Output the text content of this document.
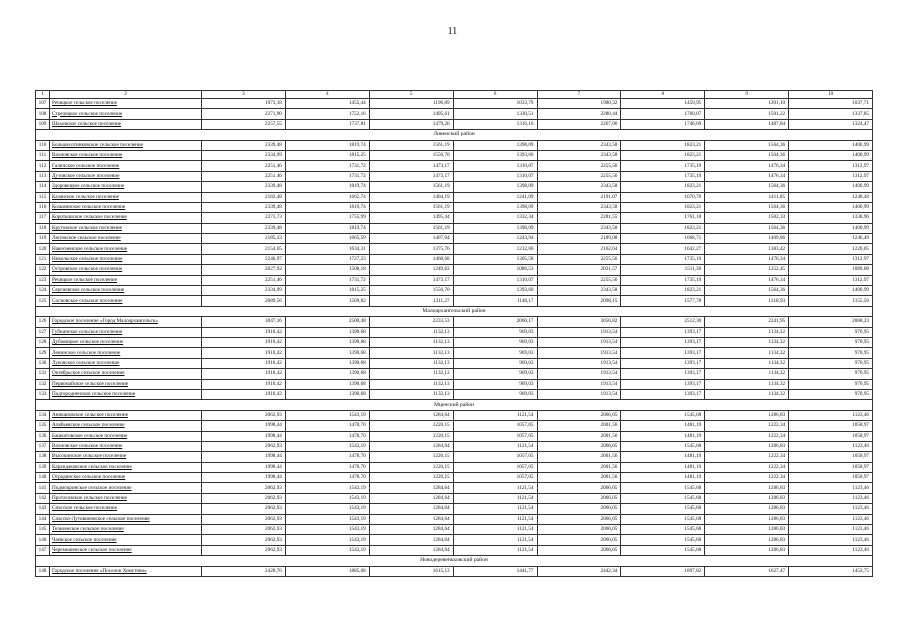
11
1	2	3	4	5	6	7	8	9	10
107	Речицкое сельское поселение	1973,18	1455,44	1196,89	1033,79	1980,32	1459,95	1201,10	1037,71
108	Стрелецкое сельское поселение	2271,90	1752,16	1495,61	1330,51	2280,44	1760,07	1501,22	1337,85
109	Шаховское сельское поселение	2257,55	1737,81	1479,26	1316,16	2267,06	1746,69	1487,84	1324,47
Ливенский район									
110	Большесотниковское сельское поселение	2339,48	1819,74	1561,19	1398,09	2343,58	1823,21	1564,36	1400,99
111	Вахновское сельское поселение	2334,99	1815,25	1556,70	1393,60	2343,58	1823,21	1564,36	1400,99
112	Галичское сельское поселение	2251,46	1731,72	1473,17	1310,07	2255,56	1735,19	1476,34	1312,97
113	Дутовское сельское поселение	2251,46	1731,72	1473,17	1310,07	2255,56	1735,19	1476,34	1312,97
114	Здоровецкое сельское поселение	2339,48	1819,74	1561,19	1398,09	2343,58	1823,21	1564,36	1400,99
115	Казанское сельское поселение	2182,48	1662,74	1404,19	1241,09	2191,07	1670,70	1411,85	1248,48
116	Козьминское сельское поселение	2339,48	1819,74	1561,19	1398,09	2343,58	1823,21	1564,36	1400,99
117	Коротышское сельское поселение	2273,73	1755,99	1495,44	1332,34	2281,55	1761,18	1502,33	1338,96
118	Крутовское сельское поселение	2339,48	1819,74	1561,19	1398,09	2343,58	1823,21	1564,36	1400,99
119	Лютовское сельское поселение	2185,33	1665,59	1407,04	1243,94	2189,08	1668,71	1409,86	1246,49
120	Навесненское сельское поселение	2154,05	1634,31	1375,76	1212,66	2162,64	1642,27	1383,42	1220,05
121	Никольское сельское поселение	2246,97	1727,23	1468,68	1305,58	2255,56	1735,19	1476,34	1312,97
122	Островское сельское поселение	2027,92	1508,18	1249,63	1086,53	2031,57	1511,30	1252,45	1089,08
123	Речицкое сельское поселение	2251,46	1731,72	1473,17	1310,07	2255,56	1735,19	1476,34	1312,97
124	Сергиевское сельское поселение	2334,99	1815,25	1556,70	1393,60	2343,58	1823,21	1564,36	1400,99
125	Сосновское сельское поселение	2089,56	1569,82	1311,27	1148,17	2098,15	1577,78	1318,93	1155,56
Малоархангельский район									
126	Городское поселение «Город Малоархангельск»	3047,16	2500,48	2233,53	2060,17	3056,82	2512,30	2241,95	2068,23
127	Губкинское сельское поселение	1910,42	1390,68	1132,13	969,03	1913,54	1393,17	1134,32	970,95
128	Дубовицкое сельское поселение	1910,42	1390,68	1132,13	969,03	1913,54	1393,17	1134,32	970,95
129	Ленинское сельское поселение	1910,42	1390,68	1132,13	969,03	1913,54	1393,17	1134,32	970,95
130	Луковское сельское поселение	1910,42	1390,68	1132,13	969,03	1913,54	1393,17	1134,32	970,95
131	Октябрьское сельское поселение	1910,42	1390,68	1132,13	969,03	1913,54	1393,17	1134,32	970,95
132	Первомайское сельское поселение	1910,42	1390,68	1132,13	969,03	1913,54	1393,17	1134,32	970,95
133	Подгородненское сельское поселение	1910,42	1390,68	1132,13	969,03	1913,54	1393,17	1134,32	970,95
Мценский район									
134	Аникановское сельское поселение	2062,93	1543,19	1284,64	1121,54	2066,05	1545,68	1286,83	1123,46
135	Алябьевское сельское поселение	1998,44	1478,70	1220,15	1057,05	2001,56	1481,19	1222,34	1058,97
136	Башкатовское сельское поселение	1998,44	1478,70	1220,15	1057,05	2001,56	1481,19	1222,34	1058,97
137	Вахновское сельское поселение	2062,93	1543,19	1284,64	1121,54	2066,05	1545,68	1286,83	1123,46
138	Высокинское сельское поселение	1998,44	1478,70	1220,15	1057,05	2001,56	1481,19	1222,34	1058,97
139	Карандаковское сельское поселение	1998,44	1478,70	1220,15	1057,05	2001,56	1481,19	1222,34	1058,97
140	Отрадинское сельское поселение	1998,44	1478,70	1220,15	1057,05	2001,56	1481,19	1222,34	1058,97
141	Подмокринское сельское поселение	2062,93	1543,19	1284,64	1121,54	2066,05	1545,68	1286,83	1123,46
142	Протасовское сельское поселение	2062,93	1543,19	1284,64	1121,54	2066,05	1545,68	1286,83	1123,46
143	Спасское сельское поселение	2062,93	1543,19	1284,64	1121,54	2066,05	1545,68	1286,83	1123,46
144	Спасско-Лутовиновское сельское поселение	2062,93	1543,19	1284,64	1121,54	2066,05	1545,68	1286,83	1123,46
145	Тельченское сельское поселение	2062,93	1543,19	1284,64	1121,54	2066,05	1545,68	1286,83	1123,46
146	Чаевское сельское поселение	2062,93	1543,19	1284,64	1121,54	2066,05	1545,68	1286,83	1123,46
147	Черемошенское сельское поселение	2062,93	1543,19	1284,64	1121,54	2066,05	1545,68	1286,83	1123,46
Новодеревеньковский район									
148	Городское поселение «Поселок Хомутово»	2428,76	1885,08	1615,13	1441,77	2442,34	1897,82	1627,47	1453,75
